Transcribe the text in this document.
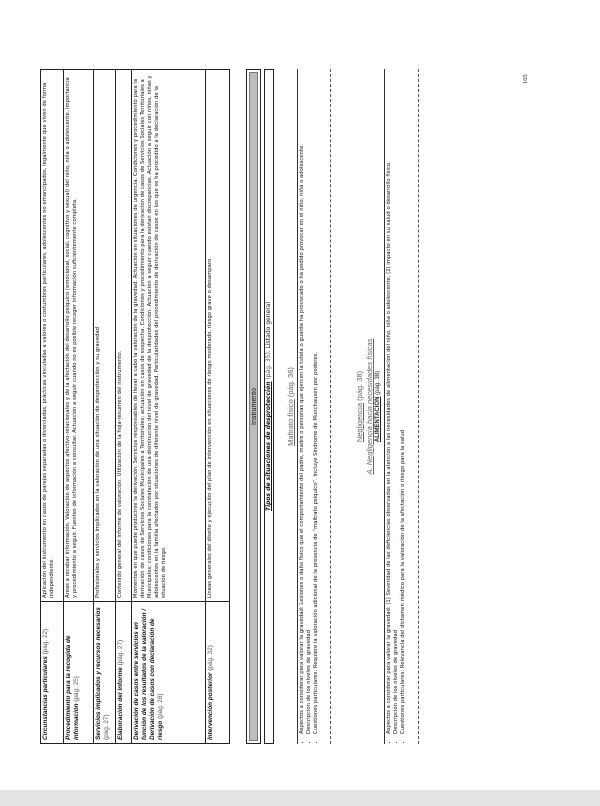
Circunstancias particulares (pág. 22)
Aplicación del instrumento en casos de parejas separadas o divorciadas, prácticas vinculadas a valores o costumbres particulares, adolescentes no emancipados, legalmente que viven de forma independiente.
Procedimiento para la recogida de información (pág. 25)
Áreas a recabar información. Valoración de aspectos afectivo-relacionales y de la afectación del desarrollo psíquico (emocional, social, cognitivo y sexual) del niño, niña o adolescente. Importancia y procedimiento a seguir. Fuentes de información a consultar. Actuación a seguir cuando no es posible recoger información suficientemente completa.
Servicios implicados y recursos necesarios (pág. 27)
Profesionales y servicios implicados en la valoración de una situación de desprotección y su gravedad
Elaboración del informe (pág. 27)
Contenido general del informe de valoración. Utilización de la hoja-resumen del instrumento.
Derivación de casos entre servicios en función de los resultados de la valoración / Derivación de casos con declaración de riesgo (pág. 28)
Momentos en que puede producirse la derivación. Servicios responsables de llevar a cabo la valoración de la gravedad. Actuación en situaciones de urgencia. Condiciones y procedimiento para la derivación de casos de Servicios Sociales Municipales a Territoriales; actuación en casos de sospecha. Condiciones y procedimiento para la derivación de casos de Servicios Sociales Territoriales a Municipales; condiciones para la constatación de una disminución del nivel de gravedad de la desprotección. Actuación a seguir cuando existan discrepancias. Actuación a seguir con niños, niñas y adolescentes en la familia afectados por situaciones de diferente nivel de gravedad. Particularidades del procedimiento de derivación de casos en los que se ha procedido a la declaración de la situación de riesgo.
Intervención posterior (pág. 32)
Líneas generales del diseño y ejecución del plan de intervención en situaciones de riesgo moderado, riesgo grave o desamparo	Instrumento Tipos de situaciones de desprotección (pág. 35). Listado general
Maltrato físico (pág. 36) • Aspectos a considerar para valorar la gravedad: Lesiones o daño físico que el comportamiento del padre, madre o personas que ejercen la tutela o guarda ha provocado o ha podido provocar en el niño, niña o adolescente. • Descripción de los niveles de gravedad • Cuestiones particulares: Requiere la valoración adicional de la presencia de “maltrato psíquico”. Incluye Síndrome de Munchausen por poderes.	Negligencia (pág. 38) A. Negligencia hacia necesidades físicas ALIMENTACIÓN (pág. 38) • Aspectos a considerar para valorar la gravedad: (1) Severidad de las deficiencias observadas en la atención a las necesidades de alimentación del niño, niña o adolescente, (2) impacto en su salud o desarrollo físico. • Descripción de los niveles de gravedad • Cuestiones particulares: Relevancia del dictamen médico para la valoración de la afectación o riesgo para la salud
105
